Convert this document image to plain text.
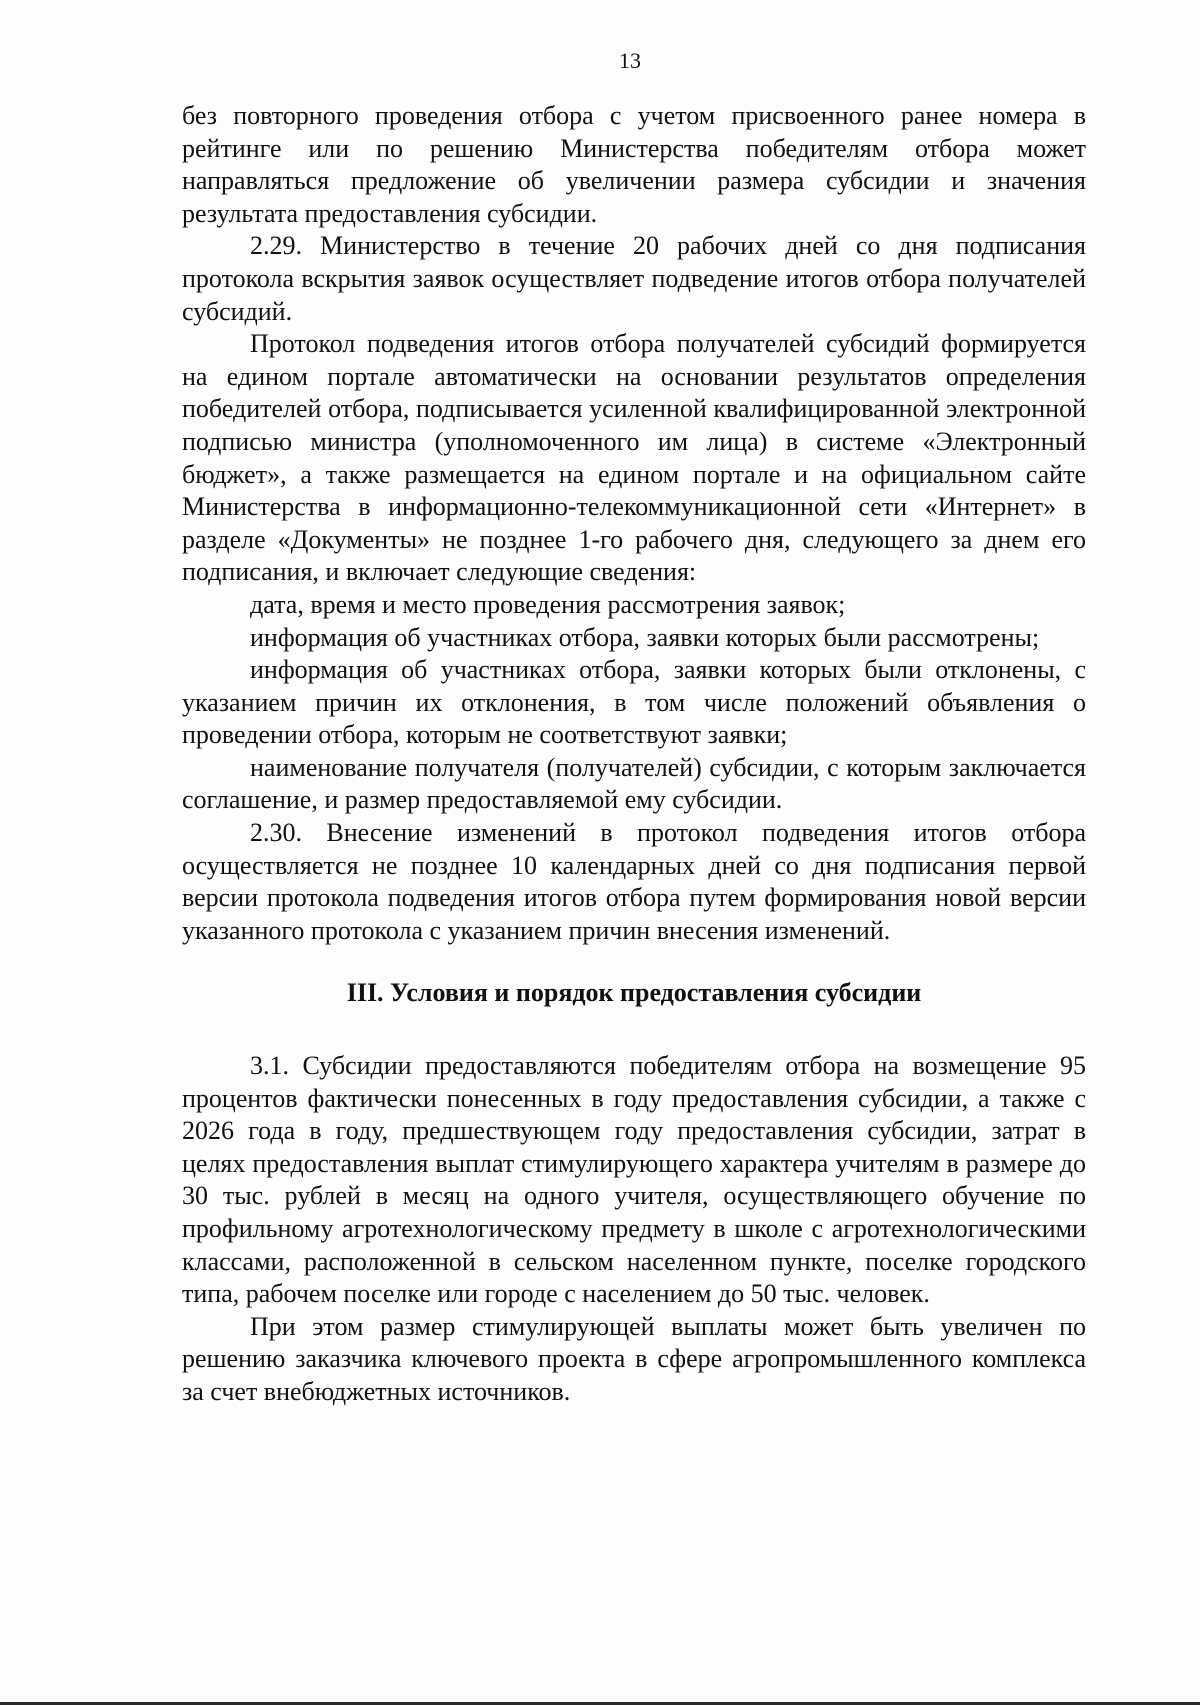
13

без повторного проведения отбора с учетом присвоенного ранее номера в рейтинге или по решению Министерства победителям отбора может направляться предложение об увеличении размера субсидии и значения результата предоставления субсидии.

2.29. Министерство в течение 20 рабочих дней со дня подписания протокола вскрытия заявок осуществляет подведение итогов отбора получателей субсидий.

Протокол подведения итогов отбора получателей субсидий формируется на едином портале автоматически на основании результатов определения победителей отбора, подписывается усиленной квалифицированной электронной подписью министра (уполномоченного им лица) в системе «Электронный бюджет», а также размещается на едином портале и на официальном сайте Министерства в информационно-телекоммуникационной сети «Интернет» в разделе «Документы» не позднее 1-го рабочего дня, следующего за днем его подписания, и включает следующие сведения:

дата, время и место проведения рассмотрения заявок;

информация об участниках отбора, заявки которых были рассмотрены;

информация об участниках отбора, заявки которых были отклонены, с указанием причин их отклонения, в том числе положений объявления о проведении отбора, которым не соответствуют заявки;

наименование получателя (получателей) субсидии, с которым заключается соглашение, и размер предоставляемой ему субсидии.

2.30. Внесение изменений в протокол подведения итогов отбора осуществляется не позднее 10 календарных дней со дня подписания первой версии протокола подведения итогов отбора путем формирования новой версии указанного протокола с указанием причин внесения изменений.

III. Условия и порядок предоставления субсидии

3.1. Субсидии предоставляются победителям отбора на возмещение 95 процентов фактически понесенных в году предоставления субсидии, а также с 2026 года в году, предшествующем году предоставления субсидии, затрат в целях предоставления выплат стимулирующего характера учителям в размере до 30 тыс. рублей в месяц на одного учителя, осуществляющего обучение по профильному агротехнологическому предмету в школе с агротехнологическими классами, расположенной в сельском населенном пункте, поселке городского типа, рабочем поселке или городе с населением до 50 тыс. человек.

При этом размер стимулирующей выплаты может быть увеличен по решению заказчика ключевого проекта в сфере агропромышленного комплекса за счет внебюджетных источников.
